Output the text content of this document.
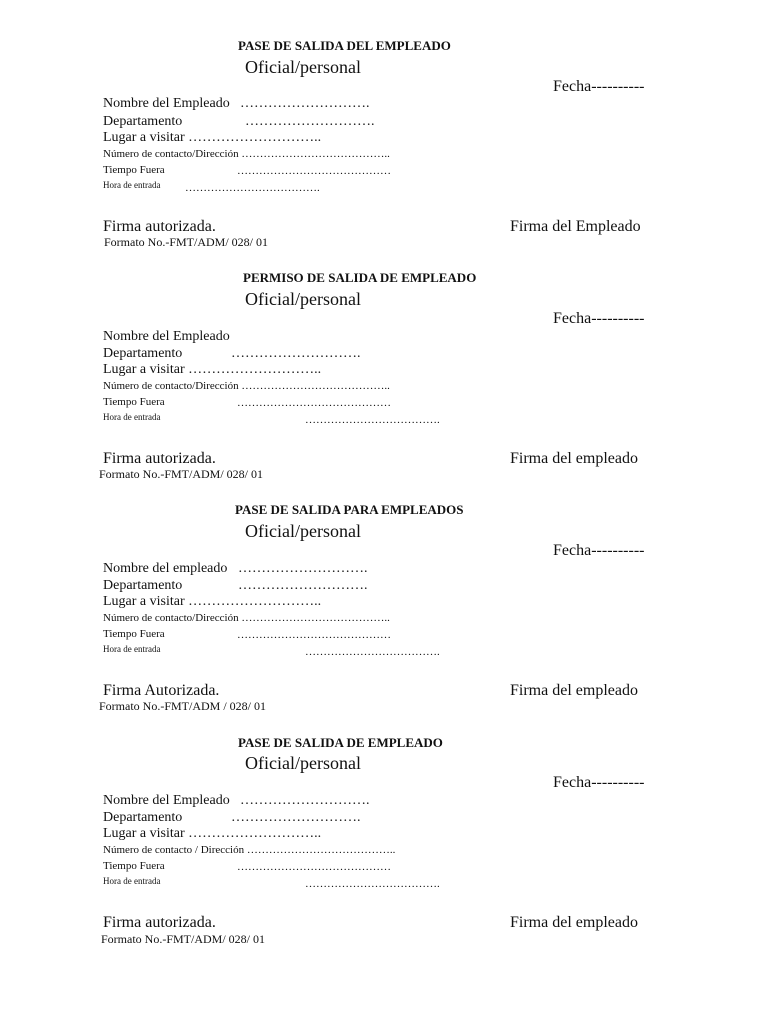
PASE DE SALIDA DEL EMPLEADO
Oficial/personal
Fecha----------
Nombre del Empleado ……………………….
Departamento	……………………….
Lugar a visitar ………………………..
Número de contacto/Dirección …………………………………..
Tiempo Fuera	……………………………………
Hora de entrada ……………………………….
Firma autorizada.	Firma del Empleado
Formato No.-FMT/ADM/ 028/ 01
PERMISO DE SALIDA DE EMPLEADO
Oficial/personal
Fecha----------
Nombre del Empleado
Departamento	……………………….
Lugar a visitar ………………………..
Número de contacto/Dirección …………………………………..
Tiempo Fuera	……………………………………
Hora de entrada	……………………………….
Firma autorizada.	Firma del empleado
Formato No.-FMT/ADM/ 028/ 01
PASE DE SALIDA PARA EMPLEADOS
Oficial/personal
Fecha----------
Nombre del empleado ……………………….
Departamento	……………………….
Lugar a visitar ………………………..
Número de contacto/Dirección …………………………………..
Tiempo Fuera	……………………………………
Hora de entrada	……………………………….
Firma Autorizada.	Firma del empleado
Formato No.-FMT/ADM / 028/ 01
PASE DE SALIDA DE EMPLEADO
Oficial/personal
Fecha----------
Nombre del Empleado ……………………….
Departamento	……………………….
Lugar a visitar ………………………..
Número de contacto / Dirección …………………………………..
Tiempo Fuera	……………………………………
Hora de entrada	……………………………….
Firma autorizada.	Firma del empleado
Formato No.-FMT/ADM/ 028/ 01
